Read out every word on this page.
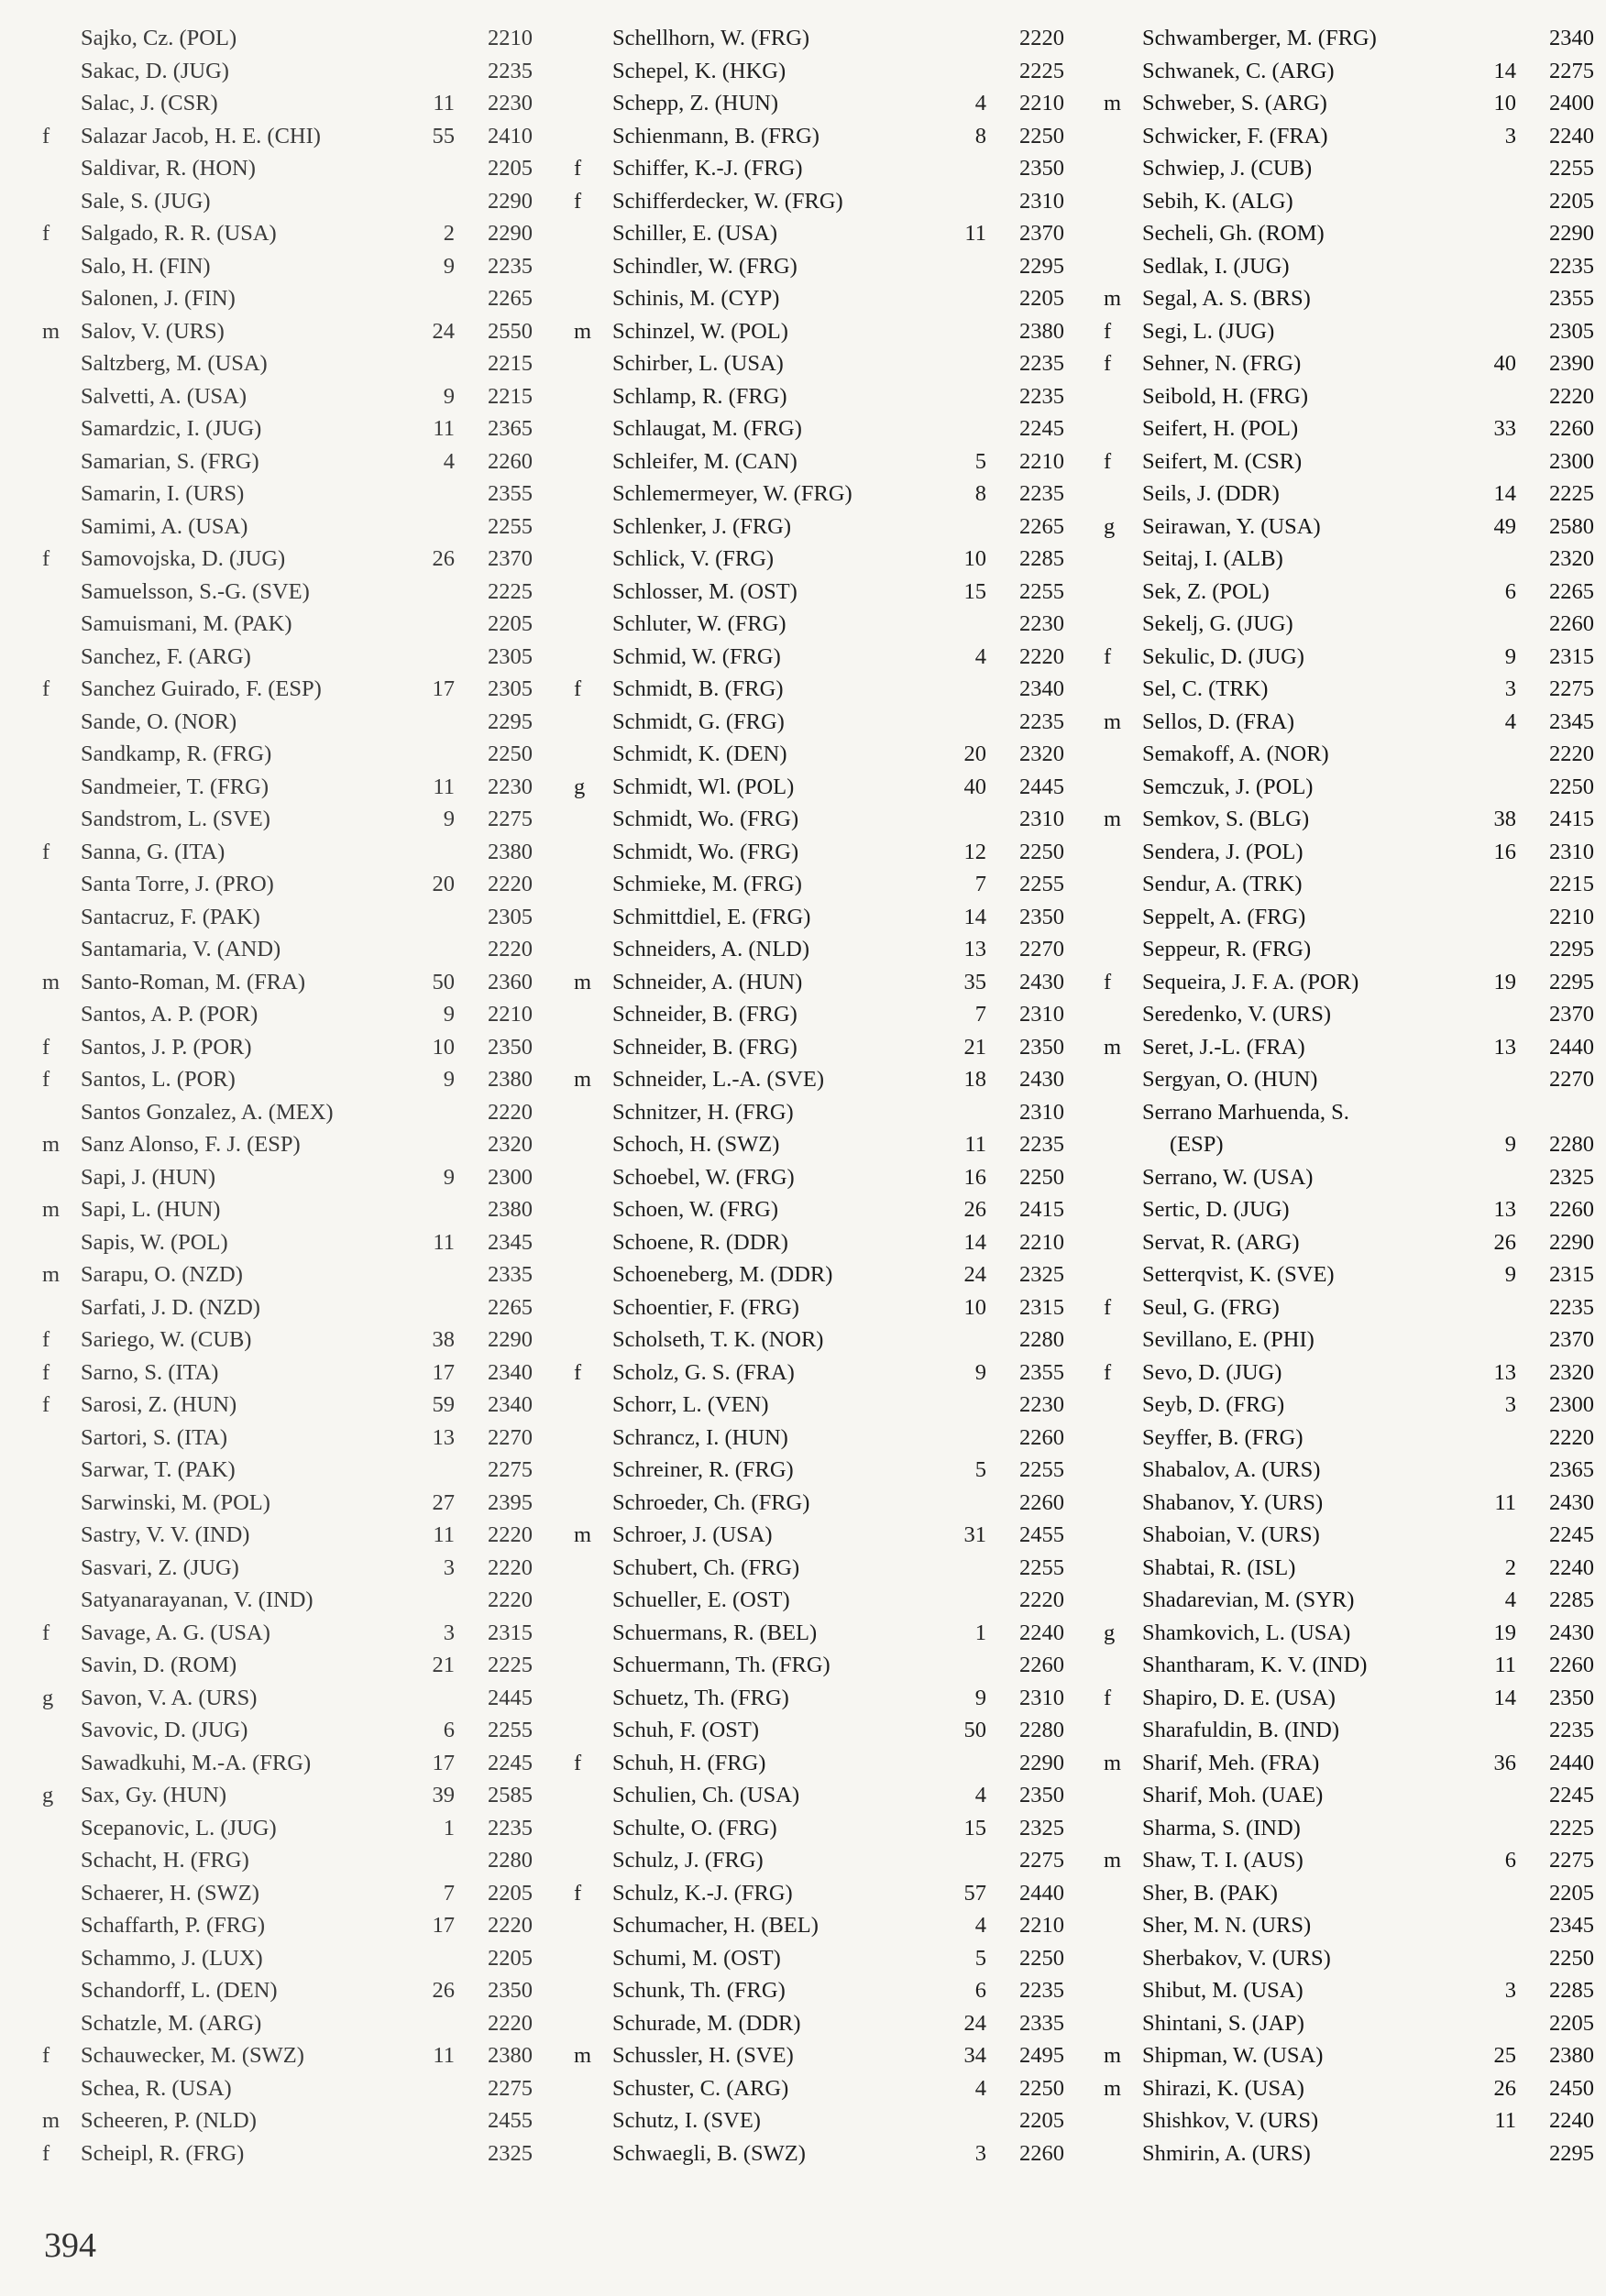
Sajko, Cz. (POL)	2210
Sakac, D. (JUG)	2235
Salac, J. (CSR)	11	2230
f	Salazar Jacob, H. E. (CHI)	55	2410
Saldivar, R. (HON)	2205
Sale, S. (JUG)	2290
f	Salgado, R. R. (USA)	2	2290
Salo, H. (FIN)	9	2235
Salonen, J. (FIN)	2265
m Salov, V. (URS)	24	2550
Saltzberg, M. (USA)	2215
Salvetti, A. (USA)	9	2215
Samardzic, I. (JUG)	11	2365
Samarian, S. (FRG)	4	2260
Samarin, I. (URS)	2355
Samimi, A. (USA)	2255
f	Samovojska, D. (JUG)	26	2370
Samuelsson, S.-G. (SVE)	2225
Samuismani, M. (PAK)	2205
Sanchez, F. (ARG)	2305
f	Sanchez Guirado, F. (ESP)	17	2305
Sande, O. (NOR)	2295
Sandkamp, R. (FRG)	2250
Sandmeier, T. (FRG)	11	2230
Sandstrom, L. (SVE)	9	2275
f	Sanna, G. (ITA)	2380
Santa Torre, J. (PRO)	20	2220
Santacruz, F. (PAK)	2305
Santamaria, V. (AND)	2220
m Santo-Roman, M. (FRA)	50	2360
Santos, A. P. (POR)	9	2210
f	Santos, J. P. (POR)	10	2350
f	Santos, L. (POR)	9	2380
Santos Gonzalez, A. (MEX)	2220
m Sanz Alonso, F. J. (ESP)	2320
Sapi, J. (HUN)	9	2300
m Sapi, L. (HUN)	2380
Sapis, W. (POL)	11	2345
m Sarapu, O. (NZD)	2335
Sarfati, J. D. (NZD)	2265
f	Sariego, W. (CUB)	38	2290
f	Sarno, S. (ITA)	17	2340
f	Sarosi, Z. (HUN)	59	2340
Sartori, S. (ITA)	13	2270
Sarwar, T. (PAK)	2275
Sarwinski, M. (POL)	27	2395
Sastry, V. V. (IND)	11	2220
Sasvari, Z. (JUG)	3	2220
Satyanarayanan, V. (IND)	2220
f	Savage, A. G. (USA)	3	2315
Savin, D. (ROM)	21	2225
g	Savon, V. A. (URS)	2445
Savovic, D. (JUG)	6	2255
Sawadkuhi, M.-A. (FRG)	17	2245
g	Sax, Gy. (HUN)	39	2585
Scepanovic, L. (JUG)	1	2235
Schacht, H. (FRG)	2280
Schaerer, H. (SWZ)	7	2205
Schaffarth, P. (FRG)	17	2220
Schammo, J. (LUX)	2205
Schandorff, L. (DEN)	26	2350
Schatzle, M. (ARG)	2220
f	Schauwecker, M. (SWZ)	11	2380
Schea, R. (USA)	2275
m Scheeren, P. (NLD)	2455
f	Scheipl, R. (FRG)	2325
Schellhorn, W. (FRG)	2220
Schepel, K. (HKG)	2225
Schepp, Z. (HUN)	4	2210
Schienmann, B. (FRG)	8	2250
f	Schiffer, K.-J. (FRG)	2350
f	Schifferdecker, W. (FRG)	2310
Schiller, E. (USA)	11	2370
Schindler, W. (FRG)	2295
Schinis, M. (CYP)	2205
m Schinzel, W. (POL)	2380
Schirber, L. (USA)	2235
Schlamp, R. (FRG)	2235
Schlaugat, M. (FRG)	2245
Schleifer, M. (CAN)	5	2210
Schlemermeyer, W. (FRG)	8	2235
Schlenker, J. (FRG)	2265
Schlick, V. (FRG)	10	2285
Schlosser, M. (OST)	15	2255
Schluter, W. (FRG)	2230
Schmid, W. (FRG)	4	2220
f	Schmidt, B. (FRG)	2340
Schmidt, G. (FRG)	2235
Schmidt, K. (DEN)	20	2320
g	Schmidt, Wl. (POL)	40	2445
Schmidt, Wo. (FRG)	2310
Schmidt, Wo. (FRG)	12	2250
Schmieke, M. (FRG)	7	2255
Schmittdiel, E. (FRG)	14	2350
Schneiders, A. (NLD)	13	2270
m Schneider, A. (HUN)	35	2430
Schneider, B. (FRG)	7	2310
Schneider, B. (FRG)	21	2350
m Schneider, L.-A. (SVE)	18	2430
Schnitzer, H. (FRG)	2310
Schoch, H. (SWZ)	11	2235
Schoebel, W. (FRG)	16	2250
Schoen, W. (FRG)	26	2415
Schoene, R. (DDR)	14	2210
Schoeneberg, M. (DDR)	24	2325
Schoentier, F. (FRG)	10	2315
Scholseth, T. K. (NOR)	2280
f	Scholz, G. S. (FRA)	9	2355
Schorr, L. (VEN)	2230
Schrancz, I. (HUN)	2260
Schreiner, R. (FRG)	5	2255
Schroeder, Ch. (FRG)	2260
m Schroer, J. (USA)	31	2455
Schubert, Ch. (FRG)	2255
Schueller, E. (OST)	2220
Schuermans, R. (BEL)	1	2240
Schuermann, Th. (FRG)	2260
Schuetz, Th. (FRG)	9	2310
Schuh, F. (OST)	50	2280
f	Schuh, H. (FRG)	2290
Schulien, Ch. (USA)	4	2350
Schulte, O. (FRG)	15	2325
Schulz, J. (FRG)	2275
f	Schulz, K.-J. (FRG)	57	2440
Schumacher, H. (BEL)	4	2210
Schumi, M. (OST)	5	2250
Schunk, Th. (FRG)	6	2235
Schurade, M. (DDR)	24	2335
m Schussler, H. (SVE)	34	2495
Schuster, C. (ARG)	4	2250
Schutz, I. (SVE)	2205
Schwaegli, B. (SWZ)	3	2260
Schwamberger, M. (FRG)	2340
Schwanek, C. (ARG)	14	2275
m Schweber, S. (ARG)	10	2400
Schwicker, F. (FRA)	3	2240
Schwiep, J. (CUB)	2255
Sebih, K. (ALG)	2205
Secheli, Gh. (ROM)	2290
Sedlak, I. (JUG)	2235
m Segal, A. S. (BRS)	2355
f	Segi, L. (JUG)	2305
f	Sehner, N. (FRG)	40	2390
Seibold, H. (FRG)	2220
Seifert, H. (POL)	33	2260
f	Seifert, M. (CSR)	2300
Seils, J. (DDR)	14	2225
g	Seirawan, Y. (USA)	49	2580
Seitaj, I. (ALB)	2320
Sek, Z. (POL)	6	2265
Sekelj, G. (JUG)	2260
f	Sekulic, D. (JUG)	9	2315
Sel, C. (TRK)	3	2275
m Sellos, D. (FRA)	4	2345
Semakoff, A. (NOR)	2220
Semczuk, J. (POL)	2250
m Semkov, S. (BLG)	38	2415
Sendera, J. (POL)	16	2310
Sendur, A. (TRK)	2215
Seppelt, A. (FRG)	2210
Seppeur, R. (FRG)	2295
f	Sequeira, J. F. A. (POR)	19	2295
Seredenko, V. (URS)	2370
m Seret, J.-L. (FRA)	13	2440
Sergyan, O. (HUN)	2270
Serrano Marhuenda, S.
(ESP)	9	2280
Serrano, W. (USA)	2325
Sertic, D. (JUG)	13	2260
Servat, R. (ARG)	26	2290
Setterqvist, K. (SVE)	9	2315
f	Seul, G. (FRG)	2235
Sevillano, E. (PHI)	2370
f	Sevo, D. (JUG)	13	2320
Seyb, D. (FRG)	3	2300
Seyffer, B. (FRG)	2220
Shabalov, A. (URS)	2365
Shabanov, Y. (URS)	11	2430
Shaboian, V. (URS)	2245
Shabtai, R. (ISL)	2	2240
Shadarevian, M. (SYR)	4	2285
g	Shamkovich, L. (USA)	19	2430
Shantharam, K. V. (IND)	11	2260
f	Shapiro, D. E. (USA)	14	2350
Sharafuldin, B. (IND)	2235
m Sharif, Meh. (FRA)	36	2440
Sharif, Moh. (UAE)	2245
Sharma, S. (IND)	2225
m Shaw, T. I. (AUS)	6	2275
Sher, B. (PAK)	2205
Sher, M. N. (URS)	2345
Sherbakov, V. (URS)	2250
Shibut, M. (USA)	3	2285
Shintani, S. (JAP)	2205
m Shipman, W. (USA)	25	2380
m Shirazi, K. (USA)	26	2450
Shishkov, V. (URS)	11	2240
Shmirin, A. (URS)	2295
394
